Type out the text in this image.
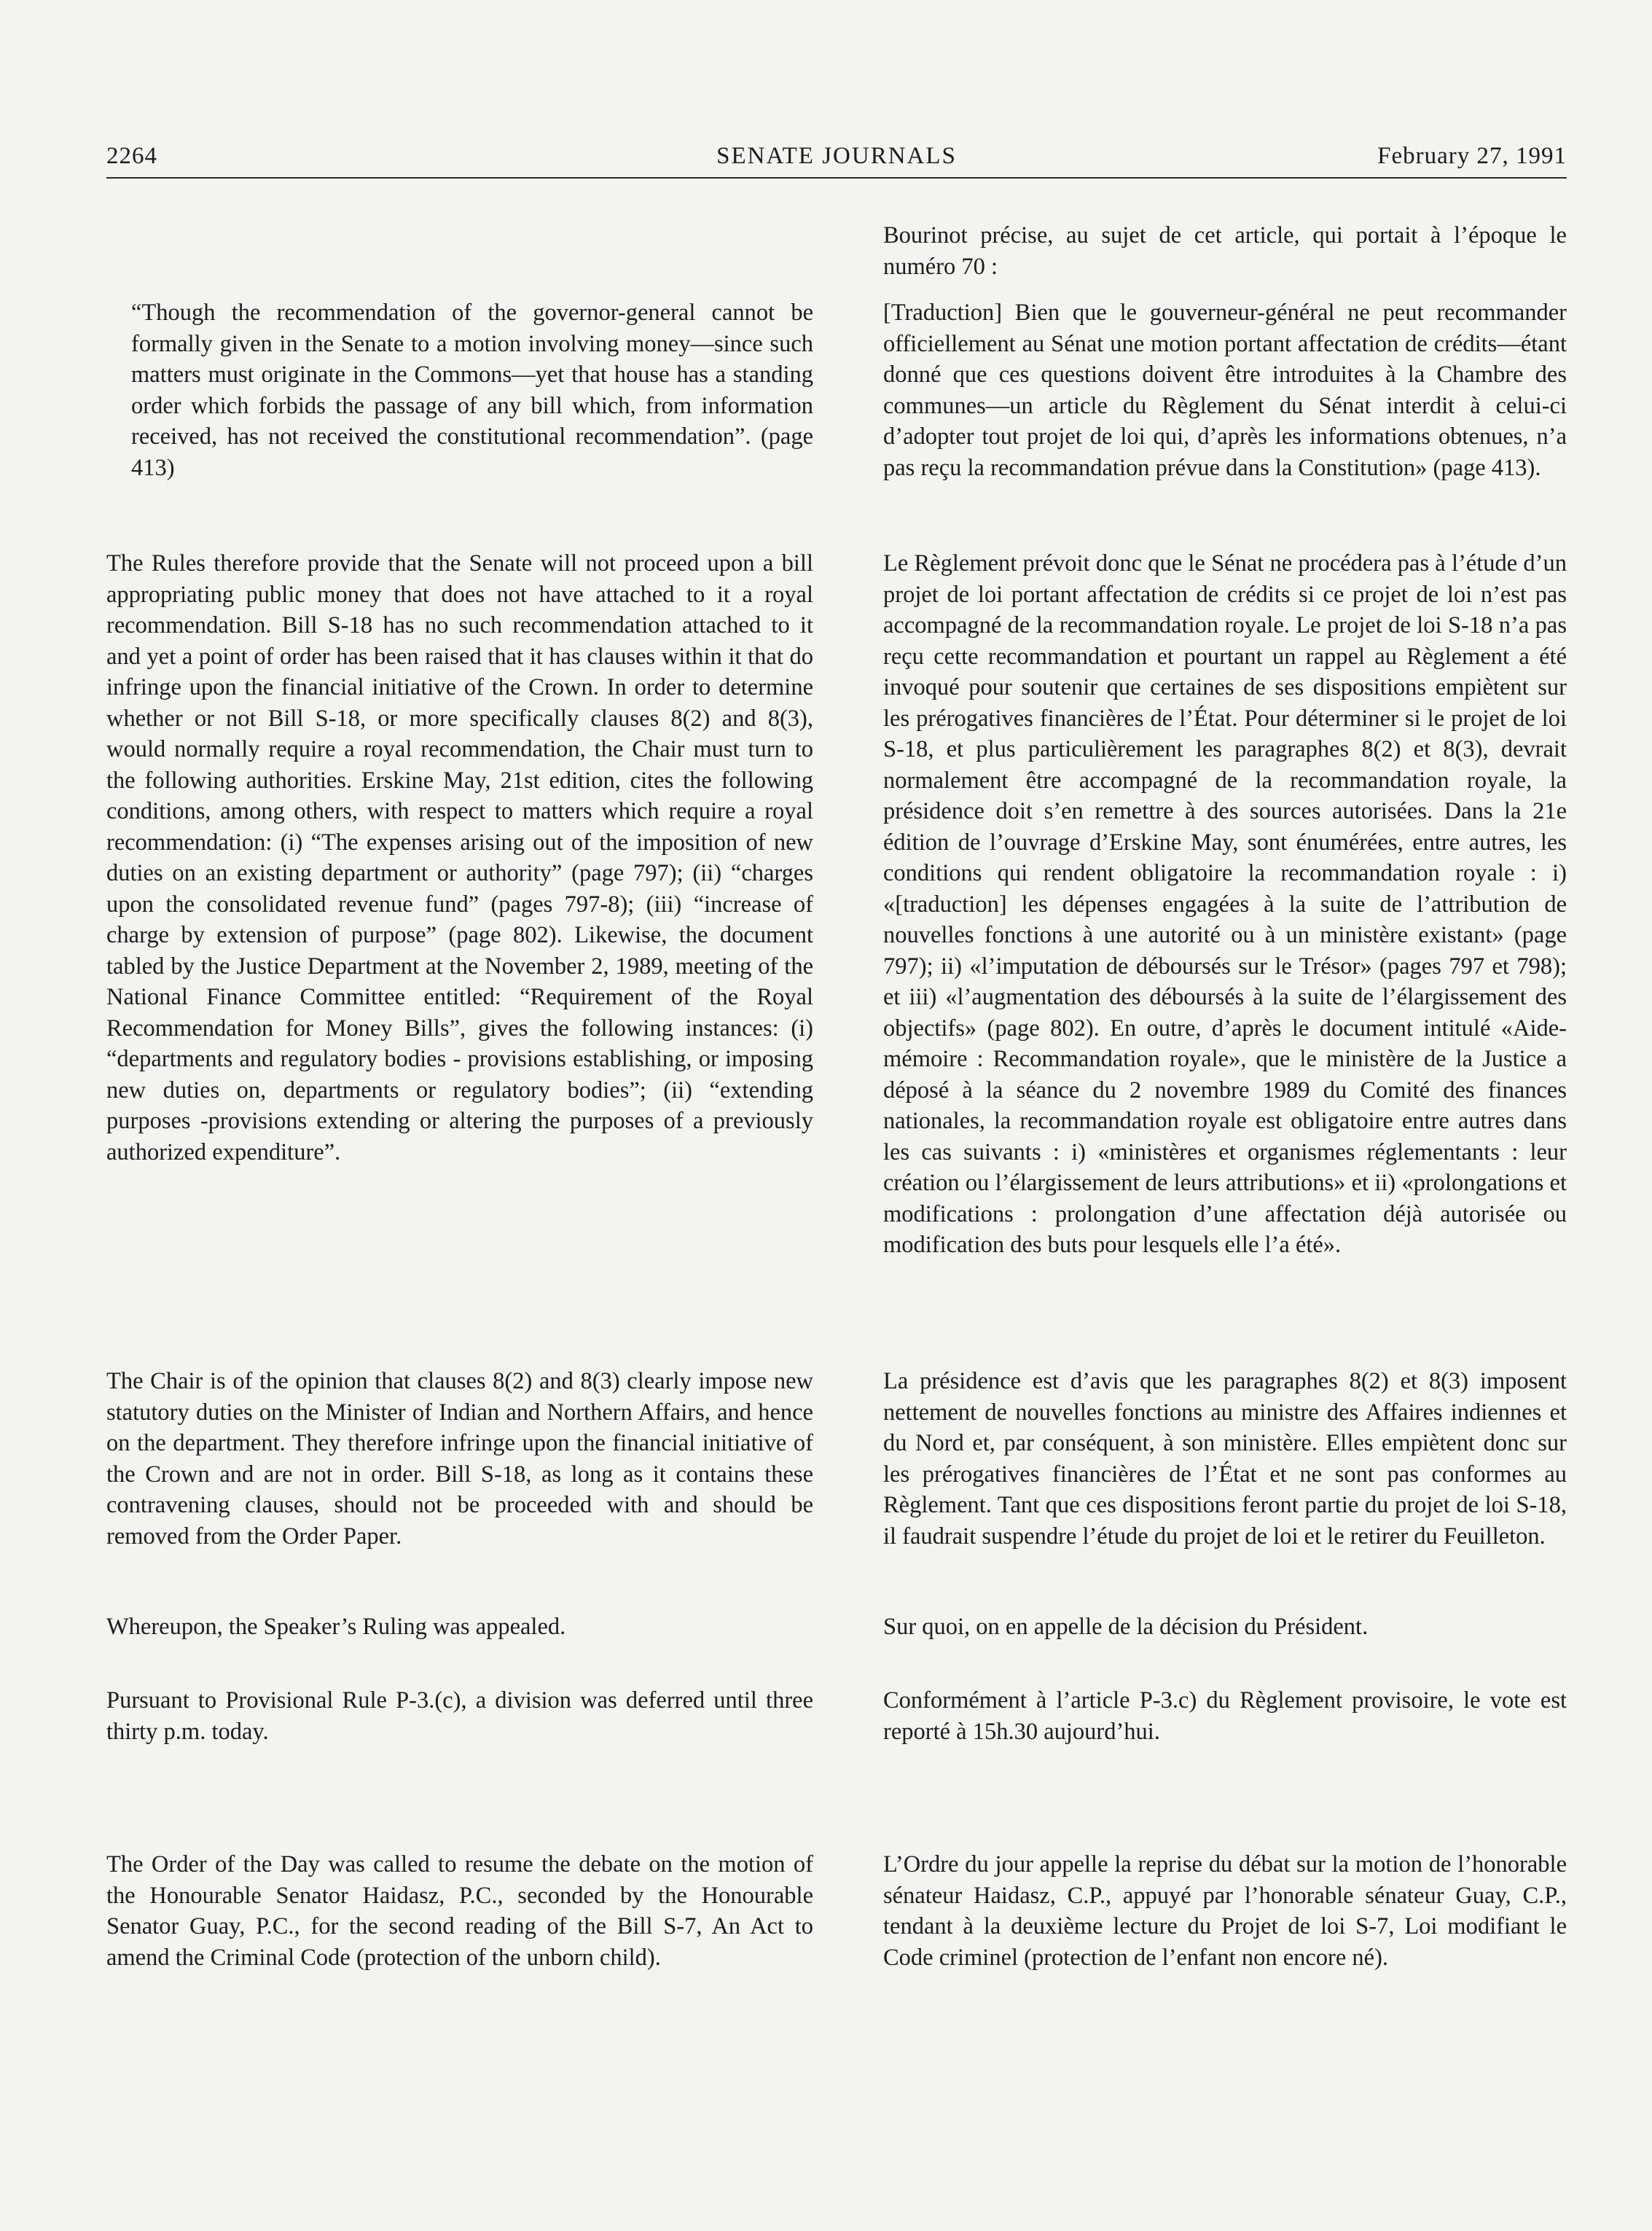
2264	SENATE JOURNALS	February 27, 1991

“Though the recommendation of the governor-general cannot be formally given in the Senate to a motion involving money—since such matters must originate in the Commons—yet that house has a standing order which forbids the passage of any bill which, from information received, has not received the constitutional recommendation”. (page 413)

The Rules therefore provide that the Senate will not proceed upon a bill appropriating public money that does not have attached to it a royal recommendation. Bill S-18 has no such recommendation attached to it and yet a point of order has been raised that it has clauses within it that do infringe upon the financial initiative of the Crown. In order to determine whether or not Bill S-18, or more specifically clauses 8(2) and 8(3), would normally require a royal recommendation, the Chair must turn to the following authorities. Erskine May, 21st edition, cites the following conditions, among others, with respect to matters which require a royal recommendation: (i) “The expenses arising out of the imposition of new duties on an existing department or authority” (page 797); (ii) “charges upon the consolidated revenue fund” (pages 797-8); (iii) “increase of charge by extension of purpose” (page 802). Likewise, the document tabled by the Justice Department at the November 2, 1989, meeting of the National Finance Committee entitled: “Requirement of the Royal Recommendation for Money Bills”, gives the following instances: (i) “departments and regulatory bodies - provisions establishing, or imposing new duties on, departments or regulatory bodies”; (ii) “extending purposes -provisions extending or altering the purposes of a previously authorized expenditure”.

The Chair is of the opinion that clauses 8(2) and 8(3) clearly impose new statutory duties on the Minister of Indian and Northern Affairs, and hence on the department. They therefore infringe upon the financial initiative of the Crown and are not in order. Bill S-18, as long as it contains these contravening clauses, should not be proceeded with and should be removed from the Order Paper.

Whereupon, the Speaker’s Ruling was appealed.

Pursuant to Provisional Rule P-3.(c), a division was deferred until three thirty p.m. today.

The Order of the Day was called to resume the debate on the motion of the Honourable Senator Haidasz, P.C., seconded by the Honourable Senator Guay, P.C., for the second reading of the Bill S-7, An Act to amend the Criminal Code (protection of the unborn child).

Bourinot précise, au sujet de cet article, qui portait à l’époque le numéro 70 :

[Traduction] Bien que le gouverneur-général ne peut recommander officiellement au Sénat une motion portant affectation de crédits—étant donné que ces questions doivent être introduites à la Chambre des communes—un article du Règlement du Sénat interdit à celui-ci d’adopter tout projet de loi qui, d’après les informations obtenues, n’a pas reçu la recommandation prévue dans la Constitution» (page 413).

Le Règlement prévoit donc que le Sénat ne procédera pas à l’étude d’un projet de loi portant affectation de crédits si ce projet de loi n’est pas accompagné de la recommandation royale. Le projet de loi S-18 n’a pas reçu cette recommandation et pourtant un rappel au Règlement a été invoqué pour soutenir que certaines de ses dispositions empiètent sur les prérogatives financières de l’État. Pour déterminer si le projet de loi S-18, et plus particulièrement les paragraphes 8(2) et 8(3), devrait normalement être accompagné de la recommandation royale, la présidence doit s’en remettre à des sources autorisées. Dans la 21e édition de l’ouvrage d’Erskine May, sont énumérées, entre autres, les conditions qui rendent obligatoire la recommandation royale : i) «[traduction] les dépenses engagées à la suite de l’attribution de nouvelles fonctions à une autorité ou à un ministère existant» (page 797); ii) «l’imputation de déboursés sur le Trésor» (pages 797 et 798); et iii) «l’augmentation des déboursés à la suite de l’élargissement des objectifs» (page 802). En outre, d’après le document intitulé «Aide-mémoire : Recommandation royale», que le ministère de la Justice a déposé à la séance du 2 novembre 1989 du Comité des finances nationales, la recommandation royale est obligatoire entre autres dans les cas suivants : i) «ministères et organismes réglementants : leur création ou l’élargissement de leurs attributions» et ii) «prolongations et modifications : prolongation d’une affectation déjà autorisée ou modification des buts pour lesquels elle l’a été».

La présidence est d’avis que les paragraphes 8(2) et 8(3) imposent nettement de nouvelles fonctions au ministre des Affaires indiennes et du Nord et, par conséquent, à son ministère. Elles empiètent donc sur les prérogatives financières de l’État et ne sont pas conformes au Règlement. Tant que ces dispositions feront partie du projet de loi S-18, il faudrait suspendre l’étude du projet de loi et le retirer du Feuilleton.

Sur quoi, on en appelle de la décision du Président.

Conformément à l’article P-3.c) du Règlement provisoire, le vote est reporté à 15h.30 aujourd’hui.

L’Ordre du jour appelle la reprise du débat sur la motion de l’honorable sénateur Haidasz, C.P., appuyé par l’honorable sénateur Guay, C.P., tendant à la deuxième lecture du Projet de loi S-7, Loi modifiant le Code criminel (protection de l’enfant non encore né).
